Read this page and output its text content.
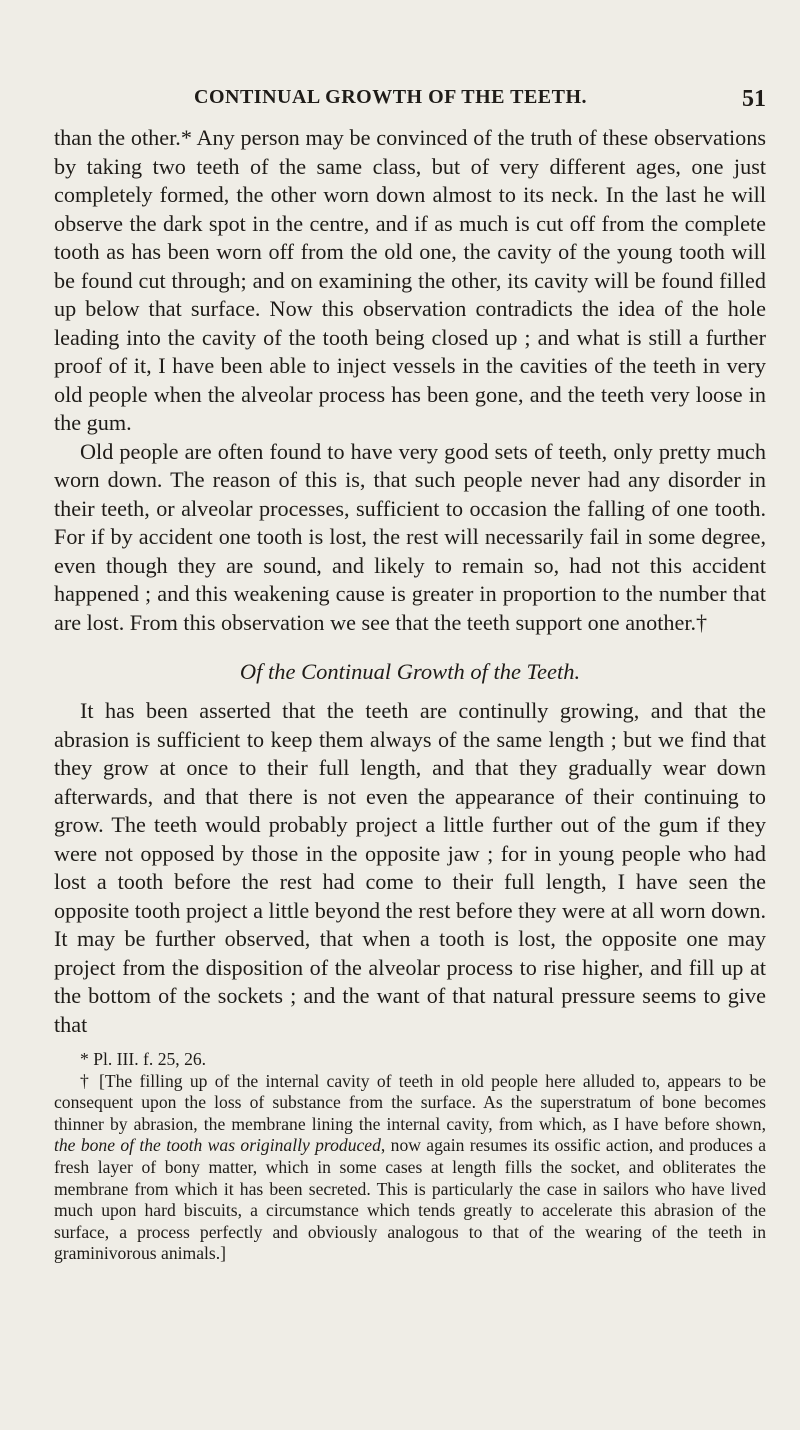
CONTINUAL GROWTH OF THE TEETH.	51

than the other.* Any person may be convinced of the truth of these observations by taking two teeth of the same class, but of very different ages, one just completely formed, the other worn down almost to its neck. In the last he will observe the dark spot in the centre, and if as much is cut off from the complete tooth as has been worn off from the old one, the cavity of the young tooth will be found cut through; and on examining the other, its cavity will be found filled up below that surface. Now this observation contradicts the idea of the hole leading into the cavity of the tooth being closed up ; and what is still a further proof of it, I have been able to inject vessels in the cavities of the teeth in very old people when the alveolar process has been gone, and the teeth very loose in the gum.

Old people are often found to have very good sets of teeth, only pretty much worn down. The reason of this is, that such people never had any disorder in their teeth, or alveolar processes, sufficient to occasion the falling of one tooth. For if by accident one tooth is lost, the rest will necessarily fail in some degree, even though they are sound, and likely to remain so, had not this accident happened ; and this weakening cause is greater in proportion to the number that are lost. From this observation we see that the teeth support one another.†

Of the Continual Growth of the Teeth.

It has been asserted that the teeth are continully growing, and that the abrasion is sufficient to keep them always of the same length ; but we find that they grow at once to their full length, and that they gradually wear down afterwards, and that there is not even the appearance of their continuing to grow. The teeth would probably project a little further out of the gum if they were not opposed by those in the opposite jaw ; for in young people who had lost a tooth before the rest had come to their full length, I have seen the opposite tooth project a little beyond the rest before they were at all worn down. It may be further observed, that when a tooth is lost, the opposite one may project from the disposition of the alveolar process to rise higher, and fill up at the bottom of the sockets ; and the want of that natural pressure seems to give that

* Pl. III. f. 25, 26.

† [The filling up of the internal cavity of teeth in old people here alluded to, appears to be consequent upon the loss of substance from the surface. As the superstratum of bone becomes thinner by abrasion, the membrane lining the internal cavity, from which, as I have before shown, the bone of the tooth was originally produced, now again resumes its ossific action, and produces a fresh layer of bony matter, which in some cases at length fills the socket, and obliterates the membrane from which it has been secreted. This is particularly the case in sailors who have lived much upon hard biscuits, a circumstance which tends greatly to accelerate this abrasion of the surface, a process perfectly and obviously analogous to that of the wearing of the teeth in graminivorous animals.]
